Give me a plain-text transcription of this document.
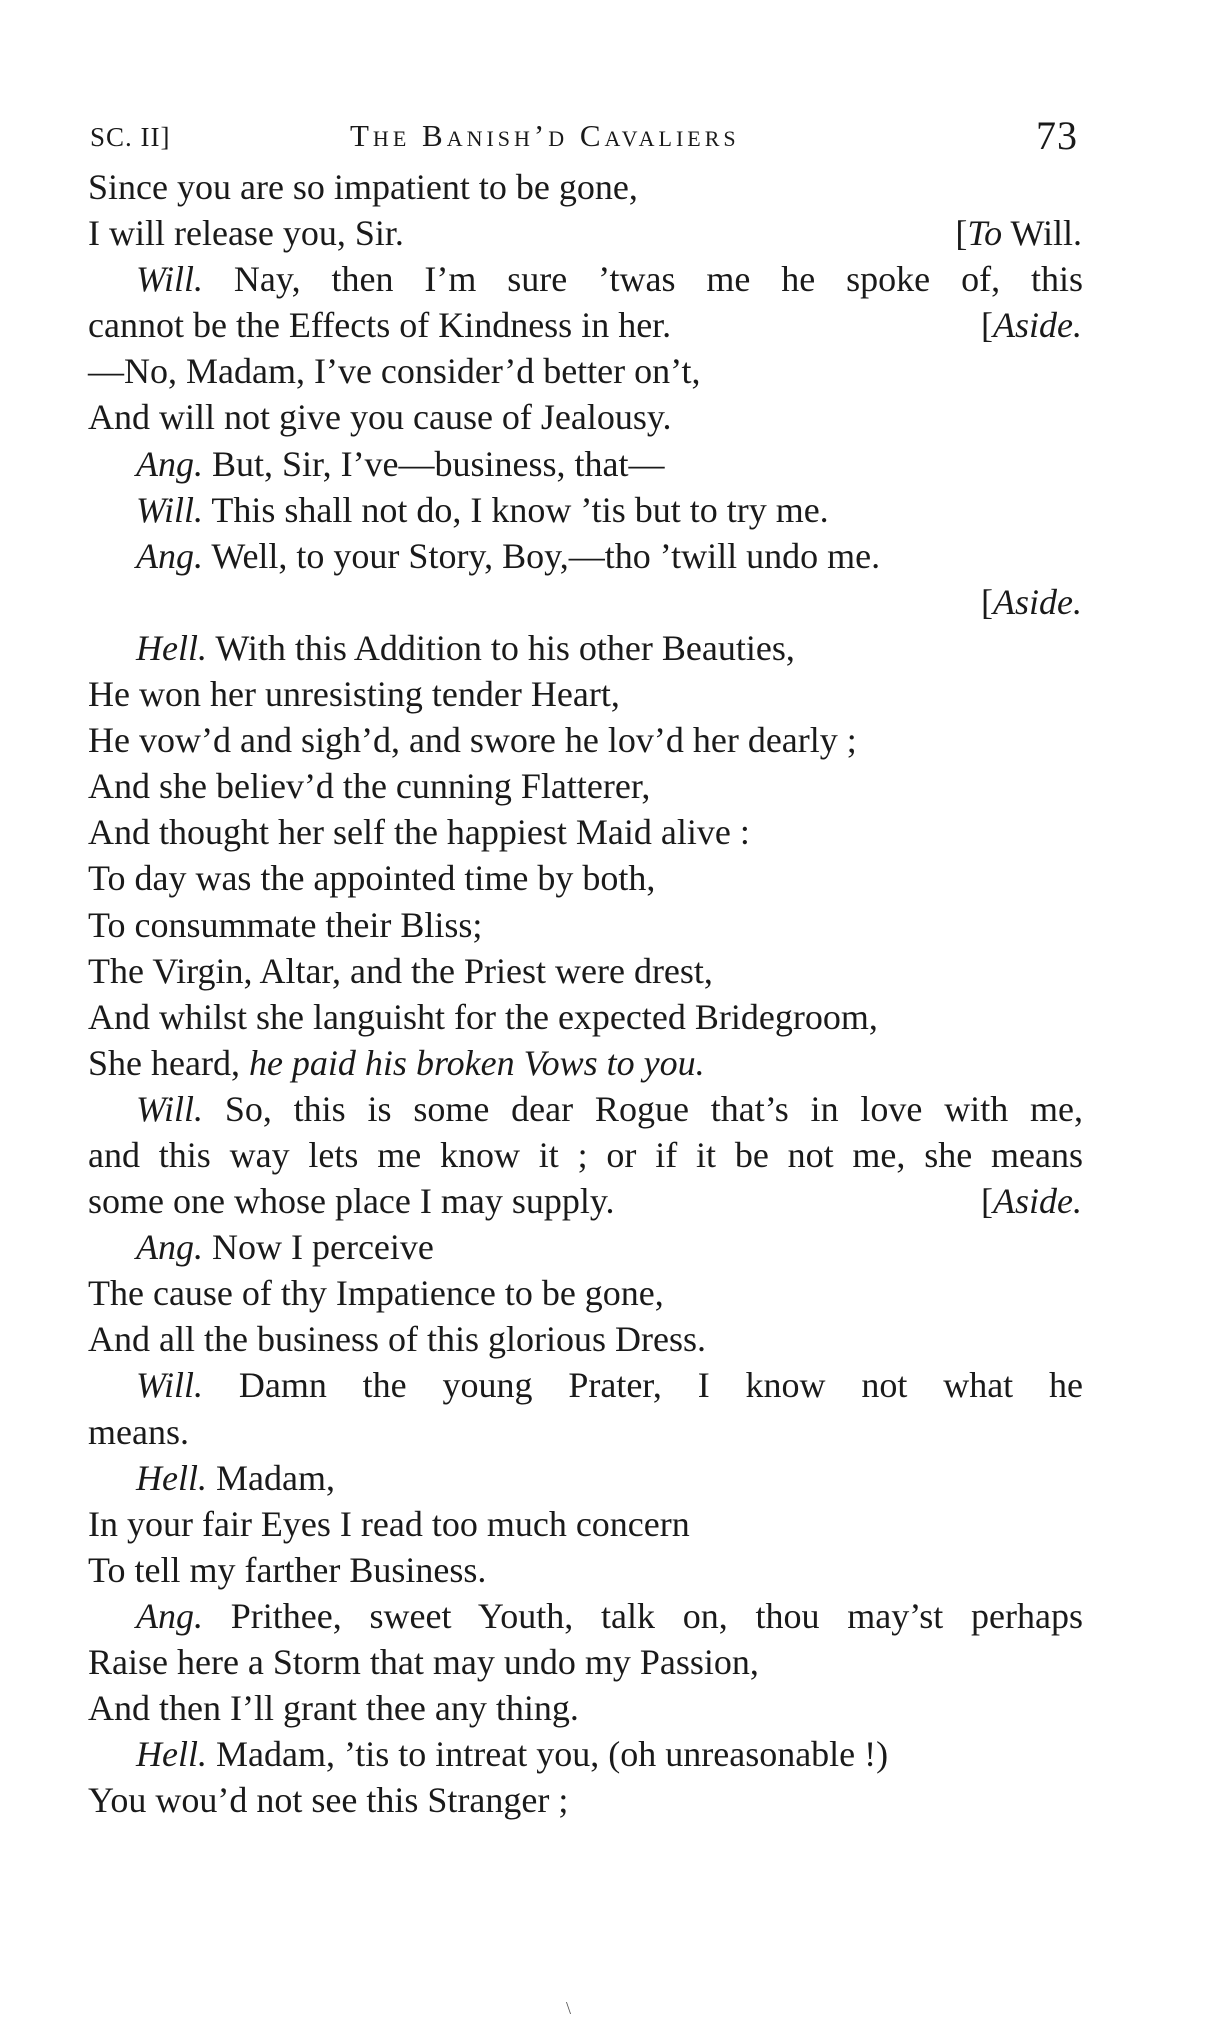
SC. II]	The Banish’d Cavaliers	73
Since you are so impatient to be gone,
I will release you, Sir.	[To Will.
Will. Nay, then I’m sure ’twas me he spoke of, this
cannot be the Effects of Kindness in her.	[Aside.
—No, Madam, I’ve consider’d better on’t,
And will not give you cause of Jealousy.
Ang. But, Sir, I’ve—business, that—
Will. This shall not do, I know ’tis but to try me.
Ang. Well, to your Story, Boy,—tho ’twill undo me.
[Aside.
Hell. With this Addition to his other Beauties,
He won her unresisting tender Heart,
He vow’d and sigh’d, and swore he lov’d her dearly ;
And she believ’d the cunning Flatterer,
And thought her self the happiest Maid alive :
To day was the appointed time by both,
To consummate their Bliss;
The Virgin, Altar, and the Priest were drest,
And whilst she languisht for the expected Bridegroom,
She heard, he paid his broken Vows to you.
Will. So, this is some dear Rogue that’s in love with me,
and this way lets me know it ; or if it be not me, she means
some one whose place I may supply.	[Aside.
Ang. Now I perceive
The cause of thy Impatience to be gone,
And all the business of this glorious Dress.
Will. Damn the young Prater, I know not what he
means.
Hell. Madam,
In your fair Eyes I read too much concern
To tell my farther Business.
Ang. Prithee, sweet Youth, talk on, thou may’st perhaps
Raise here a Storm that may undo my Passion,
And then I’ll grant thee any thing.
Hell. Madam, ’tis to intreat you, (oh unreasonable !)
You wou’d not see this Stranger ;
\
